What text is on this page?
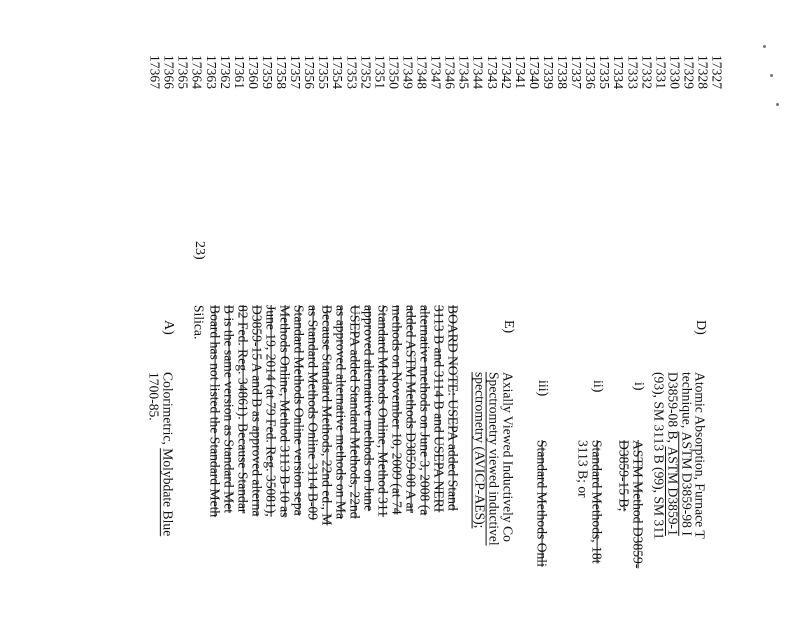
17327
17328
17329
17330
17331
17332
17333
17334
17335
17336
17337
17338
17339
17340
17341
17342
17343
17344
17345
17346
17347
17348
17349
17350
17351
17352
17353
17354
17355
17356
17357
17358
17359
17360
17361
17362
17363
17364
17365
17366
17367
D)
i)
ii)
iii)
E)
23)
A)
Atomic Absorption, Furnace T
technique, ASTM D3859-98 I
D3859-08 B, ASTM D3859-1
(93), SM 3113 B (99), SM 311
ASTM Method D3859-
D3859-15 B;
Standard Methods, 18t
3113 B; or
Standard Methods Onli
Axially Viewed Inductively Co
Spectrometry viewed inductivel
spectrometry (AVICP-AES);
BOARD NOTE: USEPA added Stand
3113 B and 3114 B and USEPA NERI
alternative methods on June 3, 2008 (a
added ASTM Methods D3859-08 A ar
methods on November 10, 2009 (at 74
Standard Methods Online, Method 311
approved alternative methods on June
USEPA added Standard Methods, 22nd
as approved alternative methods on Ma
Because Standard Methods, 22nd ed., M
as Standard Methods Online 3114 B-09
Standard Methods Online version sepa
Methods Online, Method 3113 B-10 as
June 19, 2014 (at 79 Fed. Reg. 35081),
D3859-15 A and B as approved alterna
82 Fed. Reg. 34861). Because Standar
B is the same version as Standard Met
Board has not listed the Standard Meth
Silica.
Colorimetric, Molybdate Blue
1700-85.
